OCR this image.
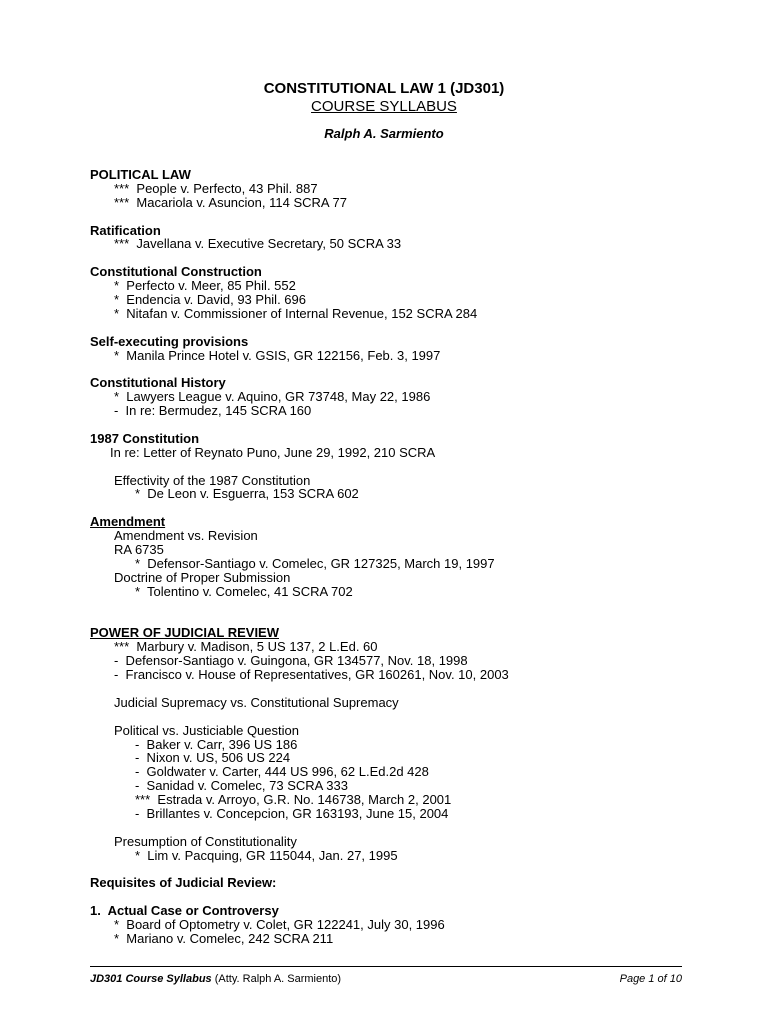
CONSTITUTIONAL LAW 1 (JD301)
COURSE SYLLABUS
Ralph A. Sarmiento
POLITICAL LAW
***  People v. Perfecto, 43 Phil. 887
***  Macariola v. Asuncion, 114 SCRA 77
Ratification
***  Javellana v. Executive Secretary, 50 SCRA 33
Constitutional Construction
*  Perfecto v. Meer, 85 Phil. 552
*  Endencia v. David, 93 Phil. 696
*  Nitafan v. Commissioner of Internal Revenue, 152 SCRA 284
Self-executing provisions
*  Manila Prince Hotel v. GSIS, GR 122156, Feb. 3, 1997
Constitutional History
*  Lawyers League v. Aquino, GR 73748, May 22, 1986
-  In re: Bermudez, 145 SCRA 160
1987 Constitution
In re: Letter of Reynato Puno, June 29, 1992, 210 SCRA
Effectivity of the 1987 Constitution
*  De Leon v. Esguerra, 153 SCRA 602
Amendment
Amendment vs. Revision
RA 6735
*  Defensor-Santiago v. Comelec, GR 127325, March 19, 1997
Doctrine of Proper Submission
*  Tolentino v. Comelec, 41 SCRA 702
POWER OF JUDICIAL REVIEW
***  Marbury v. Madison, 5 US 137, 2 L.Ed. 60
-  Defensor-Santiago v. Guingona, GR 134577, Nov. 18, 1998
-  Francisco v. House of Representatives, GR 160261, Nov. 10, 2003
Judicial Supremacy vs. Constitutional Supremacy
Political vs. Justiciable Question
-  Baker v. Carr, 396 US 186
-  Nixon v. US, 506 US 224
-  Goldwater v. Carter, 444 US 996, 62 L.Ed.2d 428
-  Sanidad v. Comelec, 73 SCRA 333
***  Estrada v. Arroyo, G.R. No. 146738, March 2, 2001
-  Brillantes v. Concepcion, GR 163193, June 15, 2004
Presumption of Constitutionality
*  Lim v. Pacquing, GR 115044, Jan. 27, 1995
Requisites of Judicial Review:
1.  Actual Case or Controversy
*  Board of Optometry v. Colet, GR 122241, July 30, 1996
*  Mariano v. Comelec, 242 SCRA 211
JD301 Course Syllabus (Atty. Ralph A. Sarmiento)	Page 1 of 10
